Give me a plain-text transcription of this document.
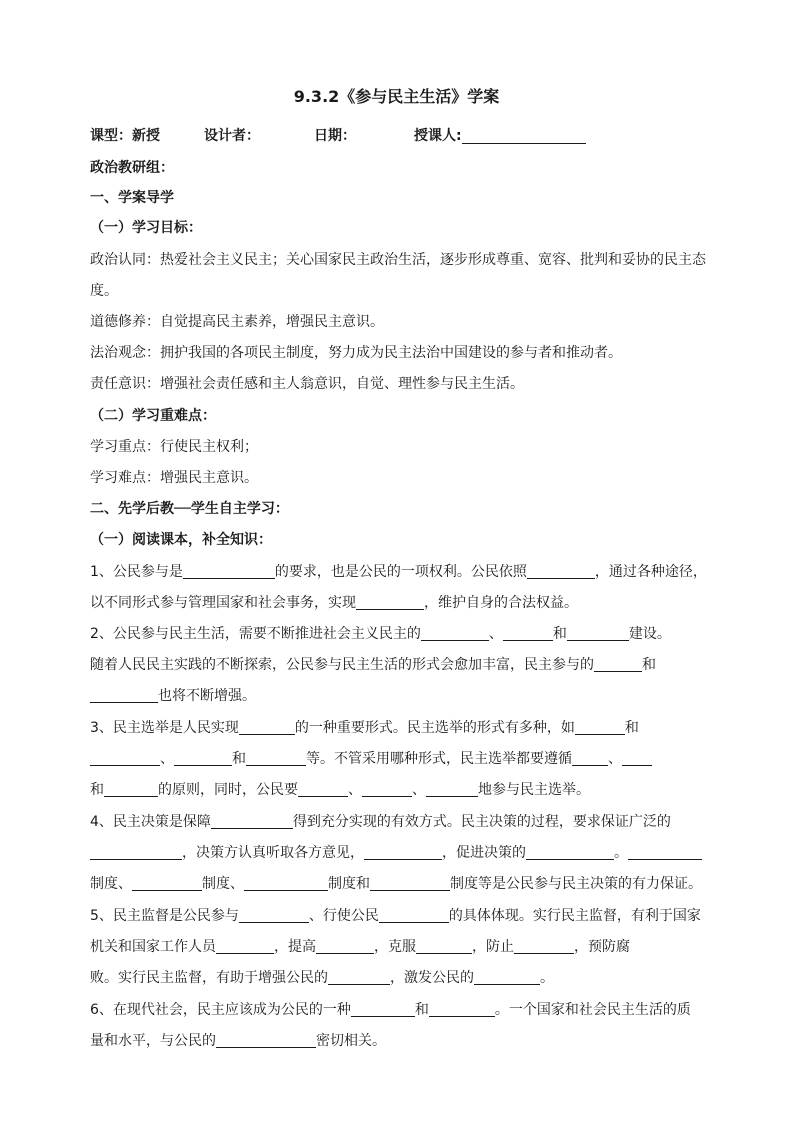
9.3.2《参与民主生活》学案
课型：新授	设计者：	日期：	授课人:
政治教研组：
一、学案导学
（一）学习目标：
政治认同：热爱社会主义民主；关心国家民主政治生活，逐步形成尊重、宽容、批判和妥协的民主态
度。
道德修养：自觉提高民主素养，增强民主意识。
法治观念：拥护我国的各项民主制度，努力成为民主法治中国建设的参与者和推动者。
责任意识：增强社会责任感和主人翁意识，自觉、理性参与民主生活。
（二）学习重难点：
学习重点：行使民主权利；
学习难点：增强民主意识。
二、先学后教──学生自主学习：
（一）阅读课本，补全知识：
1、公民参与是	的要求，也是公民的一项权利。公民依照	，通过各种途径，
以不同形式参与管理国家和社会事务，实现	，维护自身的合法权益。
2、公民参与民主生活，需要不断推进社会主义民主的	、	和	建设。
随着人民民主实践的不断探索，公民参与民主生活的形式会愈加丰富，民主参与的	和
也将不断增强。
3、民主选举是人民实现	的一种重要形式。民主选举的形式有多种，如	和
、	和	等。不管采用哪种形式，民主选举都要遵循	、
和	的原则，同时，公民要	、	、	地参与民主选举。
4、民主决策是保障	得到充分实现的有效方式。民主决策的过程，要求保证广泛的
，决策方认真听取各方意见，	，促进决策的	。
制度、	制度、	制度和	制度等是公民参与民主决策的有力保证。
5、民主监督是公民参与	、行使公民	的具体体现。实行民主监督，有利于国家
机关和国家工作人员	，提高	，克服	，防止	，预防腐
败。实行民主监督，有助于增强公民的	，激发公民的	。
6、在现代社会，民主应该成为公民的一种	和	。一个国家和社会民主生活的质
量和水平，与公民的	密切相关。
